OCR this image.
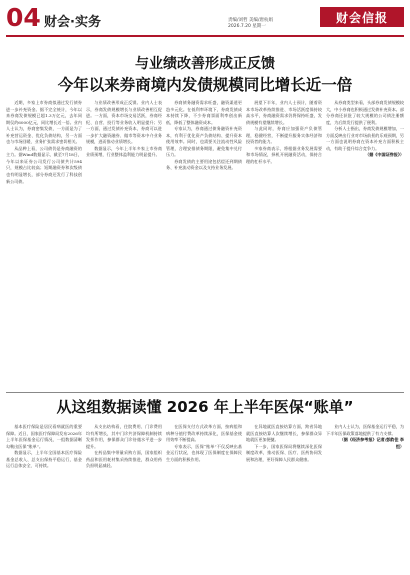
04 财会·实务	责编/刘哲 美编/唐杭娟
2026.7.20 星期一
财会信报
与业绩改善形成正反馈
今年以来券商境内发债规模同比增长近一倍

近期，多家上市券商拟通过发行债券进一步补充资金。据不完全统计，今年以来券商发债规模已超1.3万亿元，去年同期仅约6000亿元，同比增长近一倍。业内人士认为，券商密集发债，一方面是为了补充营运资金、优化负债结构，另一方面也与市场回暖、业务扩张需求密切相关。

从品种上看，公司债仍是券商融资的主力。据Wind数据显示，截至7月18日，今年以来证券公司发行公司债共计594只，规模占比较高；短期融资券和次级债也有明显增长，部分券商还发行了科技创新公司债。

与业绩改善形成正反馈。业内人士表示，券商发债规模增长与业绩改善相互促进。一方面，资本市场交易活跃，券商经纪、自营、投行等业务收入明显提升；另一方面，通过发债补充资本，券商可以进一步扩大融资融券、做市等资本中介业务规模，进而推动业绩增长。

数据显示，今年上半年多家上市券商业绩预增，行业整体盈利能力明显提升。

券商债务融资需求旺盛，融资渠道更趋多元化。在低利率环境下，券商发债成本持续下降，不少券商票面利率创出新低，降低了整体融资成本。

专家认为，券商通过债务融资补充资本，有利于优化资产负债结构、提升资本使用效率。同时，也需要关注流动性风险管理，合理安排债务期限，避免集中兑付压力。

券商发债的主要用途包括偿还到期债务、补充流动资金以及支持业务发展。

展望下半年，业内人士预计，随着资本市场改革持续推进、市场活跃度保持较高水平，券商融资需求仍将保持旺盛，发债规模有望继续增长。

与此同时，券商应加强资产负债管理，稳健经营，不断提升服务实体经济和投资者的能力。

多家券商表示，将根据业务发展需要和市场情况，择机开展融资活动，保持合理的杠杆水平。

从券商类型来看，头部券商发债规模较大，中小券商也积极通过发债补充资本。部分券商还获批了较大规模的公司债注册额度，为后续发行提供了便利。

分析人士指出，券商发债规模增加，一方面反映出行业对市场前景的乐观预期，另一方面也说明券商在资本补充方面积极主动，有助于提升综合竞争力。

（据《中国证券报》）

从这组数据读懂 2026 年上半年医保“账单”

基本医疗保险是居民看病就医的重要保障。近日，国家医疗保障局发布2026年上半年医保基金运行情况，一组数据清晰勾勒出医保“账单”。

数据显示，上半年全国基本医疗保险基金总收入、总支出保持平稳运行，基金运行总体安全、可持续。

从支出结构看，住院费用、门诊费用均有所增长，其中门诊共济保障机制持续发挥作用，参保群众门诊待遇水平进一步提升。

在药品集中带量采购方面，国家组织药品和医用耗材集采持续推进，群众用药负担明显减轻。

在医保支付方式改革方面，按病组和病种分值付费改革持续深化，医保基金使用效率不断提高。

专家表示，医保“账单”不仅反映出基金运行状况，也体现了医保制度在保障民生方面的积极作用。

在异地就医直接结算方面，跨省异地就医直接结算人次继续增长，参保群众异地就医更加便捷。

下一步，国家医保局将继续深化医保制度改革，推动医保、医疗、医药协同发展和治理，更好保障人民群众健康。

业内人士认为，医保基金运行平稳，为下半年医保政策落地提供了有力支撑。

（据《经济参考报》记者/彭韵佳 李恒）
